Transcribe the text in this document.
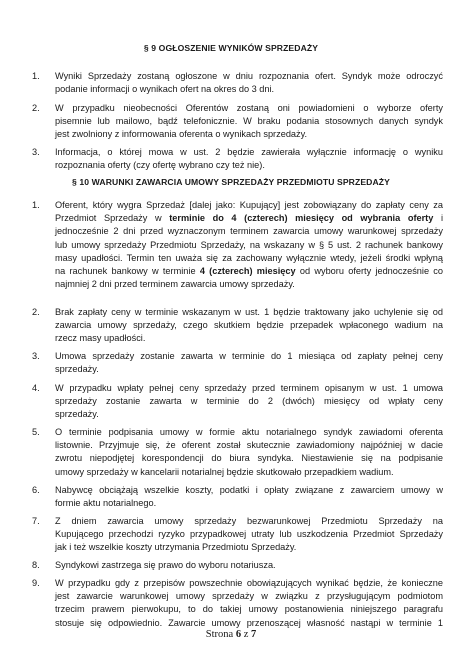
§ 9 OGŁOSZENIE WYNIKÓW SPRZEDAŻY
1. Wyniki Sprzedaży zostaną ogłoszone w dniu rozpoznania ofert. Syndyk może odroczyć
podanie informacji o wynikach ofert na okres do 3 dni.
2. W przypadku nieobecności Oferentów zostaną oni powiadomieni o wyborze oferty
pisemnie lub mailowo, bądź telefonicznie. W braku podania stosownych danych syndyk
jest zwolniony z informowania oferenta o wynikach sprzedaży.
3. Informacja, o której mowa w ust. 2 będzie zawierała wyłącznie informację o wyniku
rozpoznania oferty (czy ofertę wybrano czy też nie).
§ 10 WARUNKI ZAWARCIA UMOWY SPRZEDAŻY PRZEDMIOTU SPRZEDAŻY
1. Oferent, który wygra Sprzedaż [dalej jako: Kupujący] jest zobowiązany do zapłaty ceny za
Przedmiot Sprzedaży w terminie do 4 (czterech) miesięcy od wybrania oferty i
jednocześnie 2 dni przed wyznaczonym terminem zawarcia umowy warunkowej sprzedaży
lub umowy sprzedaży Przedmiotu Sprzedaży, na wskazany w § 5 ust. 2 rachunek bankowy
masy upadłości. Termin ten uważa się za zachowany wyłącznie wtedy, jeżeli środki wpłyną
na rachunek bankowy w terminie 4 (czterech) miesięcy od wyboru oferty jednocześnie co
najmniej 2 dni przed terminem zawarcia umowy sprzedaży.
2. Brak zapłaty ceny w terminie wskazanym w ust. 1 będzie traktowany jako uchylenie się od
zawarcia umowy sprzedaży, czego skutkiem będzie przepadek wpłaconego wadium na
rzecz masy upadłości.
3. Umowa sprzedaży zostanie zawarta w terminie do 1 miesiąca od zapłaty pełnej ceny
sprzedaży.
4. W przypadku wpłaty pełnej ceny sprzedaży przed terminem opisanym w ust. 1 umowa
sprzedaży zostanie zawarta w terminie do 2 (dwóch) miesięcy od wpłaty ceny
sprzedaży.
5. O terminie podpisania umowy w formie aktu notarialnego syndyk zawiadomi oferenta
listownie. Przyjmuje się, że oferent został skutecznie zawiadomiony najpóźniej w dacie
zwrotu niepodjętej korespondencji do biura syndyka. Niestawienie się na podpisanie
umowy sprzedaży w kancelarii notarialnej będzie skutkowało przepadkiem wadium.
6. Nabywcę obciążają wszelkie koszty, podatki i opłaty związane z zawarciem umowy w
formie aktu notarialnego.
7. Z dniem zawarcia umowy sprzedaży bezwarunkowej Przedmiotu Sprzedaży na
Kupującego przechodzi ryzyko przypadkowej utraty lub uszkodzenia Przedmiot Sprzedaży
jak i też wszelkie koszty utrzymania Przedmiotu Sprzedaży.
8. Syndykowi zastrzega się prawo do wyboru notariusza.
9. W przypadku gdy z przepisów powszechnie obowiązujących wynikać będzie, że konieczne
jest zawarcie warunkowej umowy sprzedaży w związku z przysługującym podmiotom
trzecim prawem pierwokupu, to do takiej umowy postanowienia niniejszego paragrafu
stosuje się odpowiednio. Zawarcie umowy przenoszącej własność nastąpi w terminie 1
Strona 6 z 7
